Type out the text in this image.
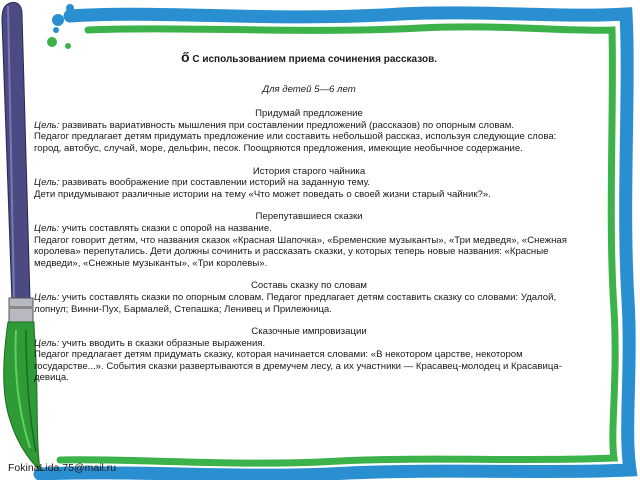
ő С использованием приема сочинения рассказов.

Для детей 5—6 лет

Придумай предложение

Цель: развивать вариативность мышления при составлении предложений (рассказов) по опорным словам.

Педагог предлагает детям придумать предложение или составить небольшой рассказ, используя следующие слова: город, автобус, случай, море, дельфин, песок. Поощряются предложения, имеющие необычное содержание.

История старого чайника

Цель: развивать воображение при составлении историй на заданную тему.

Дети придумывают различные истории на тему «Что может поведать о своей жизни старый чайник?».

Перепутавшиеся сказки

Цель: учить составлять сказки с опорой на название.

Педагог говорит детям, что названия сказок «Красная Шапочка», «Бременские музыканты», «Три медведя», «Снежная королева» перепутались. Дети должны сочинить и рассказать сказки, у которых теперь новые названия: «Красные медведи», «Снежные музыканты», «Три королевы».

Составь сказку по словам

Цель: учить составлять сказки по опорным словам. Педагог предлагает детям составить сказку со словами: Удалой, лопнул; Винни-Пух, Бармалей, Степашка; Ленивец и Прилежница.

Сказочные импровизации

Цель: учить вводить в сказки образные выражения.

Педагог предлагает детям придумать сказку, которая начинается словами: «В некотором царстве, некотором государстве...». События сказки развертываются в дремучем лесу, а их участники — Красавец-молодец и Красавица-девица.

FokinaLida.75@mail.ru
